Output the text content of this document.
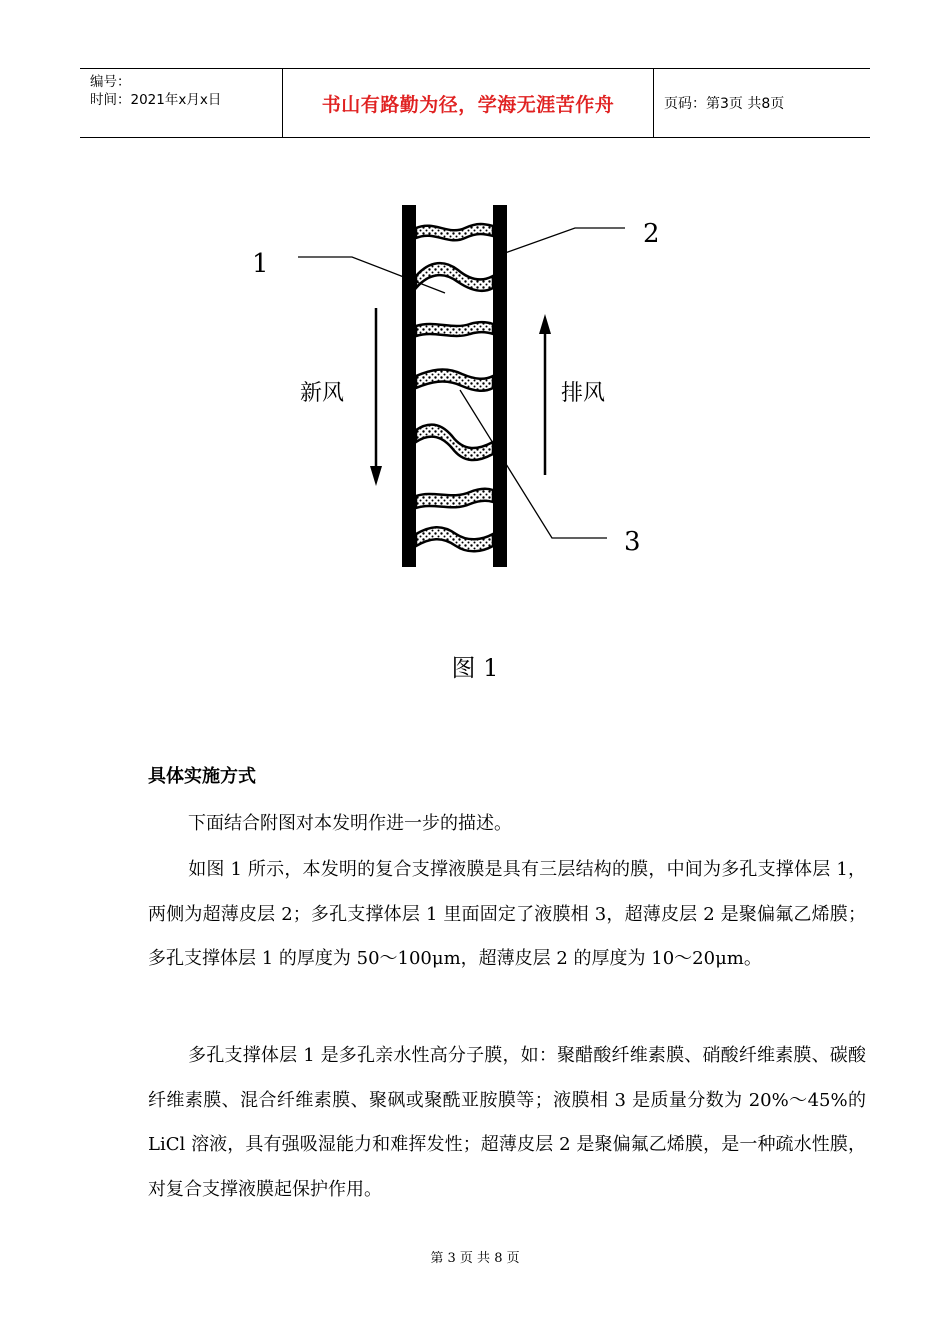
编号：
时间：2021年x月x日	书山有路勤为径，学海无涯苦作舟	页码：第3页 共8页
1
2
3
新风	排风
图 1
具体实施方式
下面结合附图对本发明作进一步的描述。
如图 1 所示，本发明的复合支撑液膜是具有三层结构的膜，中间为多孔支撑体层 1，两侧为超薄皮层 2；多孔支撑体层 1 里面固定了液膜相 3，超薄皮层 2 是聚偏氟乙烯膜；多孔支撑体层 1 的厚度为 50～100μm，超薄皮层 2 的厚度为 10～20μm。
多孔支撑体层 1 是多孔亲水性高分子膜，如：聚醋酸纤维素膜、硝酸纤维素膜、碳酸纤维素膜、混合纤维素膜、聚砜或聚酰亚胺膜等；液膜相 3 是质量分数为 20%～45%的 LiCl 溶液，具有强吸湿能力和难挥发性；超薄皮层 2 是聚偏氟乙烯膜，是一种疏水性膜，对复合支撑液膜起保护作用。
第 3 页 共 8 页
